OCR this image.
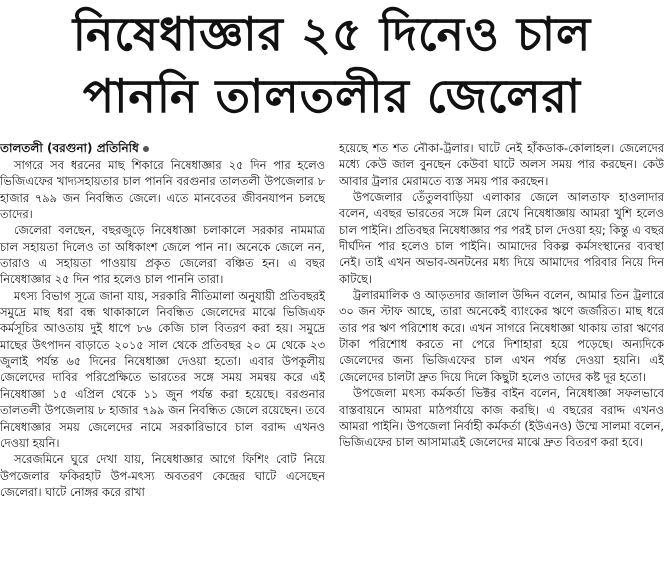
নিষেধাজ্ঞার ২৫ দিনেও চাল
পাননি তালতলীর জেলেরা
তালতলী (বরগুনা) প্রতিনিধি

সাগরে সব ধরনের মাছ শিকারে নিষেধাজ্ঞার ২৫ দিন পার হলেও ভিজিএফের খাদ্যসহায়তার চাল পাননি বরগুনার তালতলী উপজেলার ৮ হাজার ৭৯৯ জন নিবন্ধিত জেলে। এতে মানবেতর জীবনযাপন চলছে তাদের।

জেলেরা বলছেন, বছরজুড়ে নিষেধাজ্ঞা চলাকালে সরকার নামমাত্র চাল সহায়তা দিলেও তা অধিকাংশ জেলে পান না। অনেকে জেলে নন, তারাও এ সহায়তা পাওয়ায় প্রকৃত জেলেরা বঞ্চিত হন। এ বছর নিষেধাজ্ঞার ২৫ দিন পার হলেও চাল পাননি তারা।

মৎস্য বিভাগ সূত্রে জানা যায়, সরকারি নীতিমালা অনুযায়ী প্রতিবছরই সমুদ্রে মাছ ধরা বন্ধ থাকাকালে নিবন্ধিত জেলেদের মাঝে ভিজিএফ কর্মসূচির আওতায় দুই ধাপে ৮৬ কেজি চাল বিতরণ করা হয়। সমুদ্রে মাছের উৎপাদন বাড়াতে ২০১৫ সাল থেকে প্রতিবছর ২০ মে থেকে ২৩ জুলাই পর্যন্ত ৬৫ দিনের নিষেধাজ্ঞা দেওয়া হতো। এবার উপকূলীয় জেলেদের দাবির পরিপ্রেক্ষিতে ভারতের সঙ্গে সময় সমন্বয় করে এই নিষেধাজ্ঞা ১৫ এপ্রিল থেকে ১১ জুন পর্যন্ত করা হয়েছে। বরগুনার তালতলী উপজেলায় ৮ হাজার ৭৯৯ জন নিবন্ধিত জেলে রয়েছেন। তবে নিষেধাজ্ঞার সময় জেলেদের নামে সরকারিভাবে চাল বরাদ্দ এখনও দেওয়া হয়নি।

সরেজমিনে ঘুরে দেখা যায়, নিষেধাজ্ঞার আগে ফিশিং বোট নিয়ে উপজেলার ফকিরহাট উপ-মৎস্য অবতরণ কেন্দ্রের ঘাটে এসেছেন জেলেরা। ঘাটে নোঙ্গর করে রাখা

হয়েছে শত শত নৌকা-ট্রলার। ঘাটে নেই হাঁকডাক-কোলাহল। জেলেদের মধ্যে কেউ জাল বুনছেন কেউবা ঘাটে অলস সময় পার করছেন। কেউ আবার ট্রলার মেরামতে ব্যস্ত সময় পার করছেন।

উপজেলার তেঁতুলবাড়িয়া এলাকার জেলে আলতাফ হাওলাদার বলেন, এবছর ভারতের সঙ্গে মিল রেখে নিষেধাজ্ঞায় আমরা খুশি হলেও চাল পাইনি। প্রতিবছর নিষেধাজ্ঞার পর পরই চাল দেওয়া হয়; কিন্তু এ বছর দীর্ঘদিন পার হলেও চাল পাইনি। আমাদের বিকল্প কর্মসংস্থানের ব্যবস্থা নেই। তাই এখন অভাব-অনটনের মধ্য দিয়ে আমাদের পরিবার নিয়ে দিন কাটছে।

ট্রলারমালিক ও আড়তদার জালাল উদ্দিন বলেন, আমার তিন ট্রলারে ৩০ জন স্টাফ আছে, তারা অনেকেই ব্যাংকের ঋণে জর্জরিত। মাছ ধরে তার পর ঋণ পরিশোধ করে। এখন সাগরে নিষেধাজ্ঞা থাকায় তারা ঋণের টাকা পরিশোধ করতে না পেরে দিশাহারা হয়ে পড়েছে। অন্যদিকে জেলেদের জন্য ভিজিএফের চাল এখন পর্যন্ত দেওয়া হয়নি। এই জেলেদের চালটা দ্রুত দিয়ে দিলে কিছুটা হলেও তাদের কষ্ট দূর হতো।

উপজেলা মৎস্য কর্মকর্তা ভিক্টর বাইন বলেন, নিষেধাজ্ঞা সফলভাবে বাস্তবায়নে আমরা মাঠপর্যায়ে কাজ করছি। এ বছরের বরাদ্দ এখনও আমরা পাইনি। উপজেলা নির্বাহী কর্মকর্তা (ইউএনও) উম্মে সালমা বলেন, ভিজিএফের চাল আসামাত্রই জেলেদের মাঝে দ্রুত বিতরণ করা হবে।
